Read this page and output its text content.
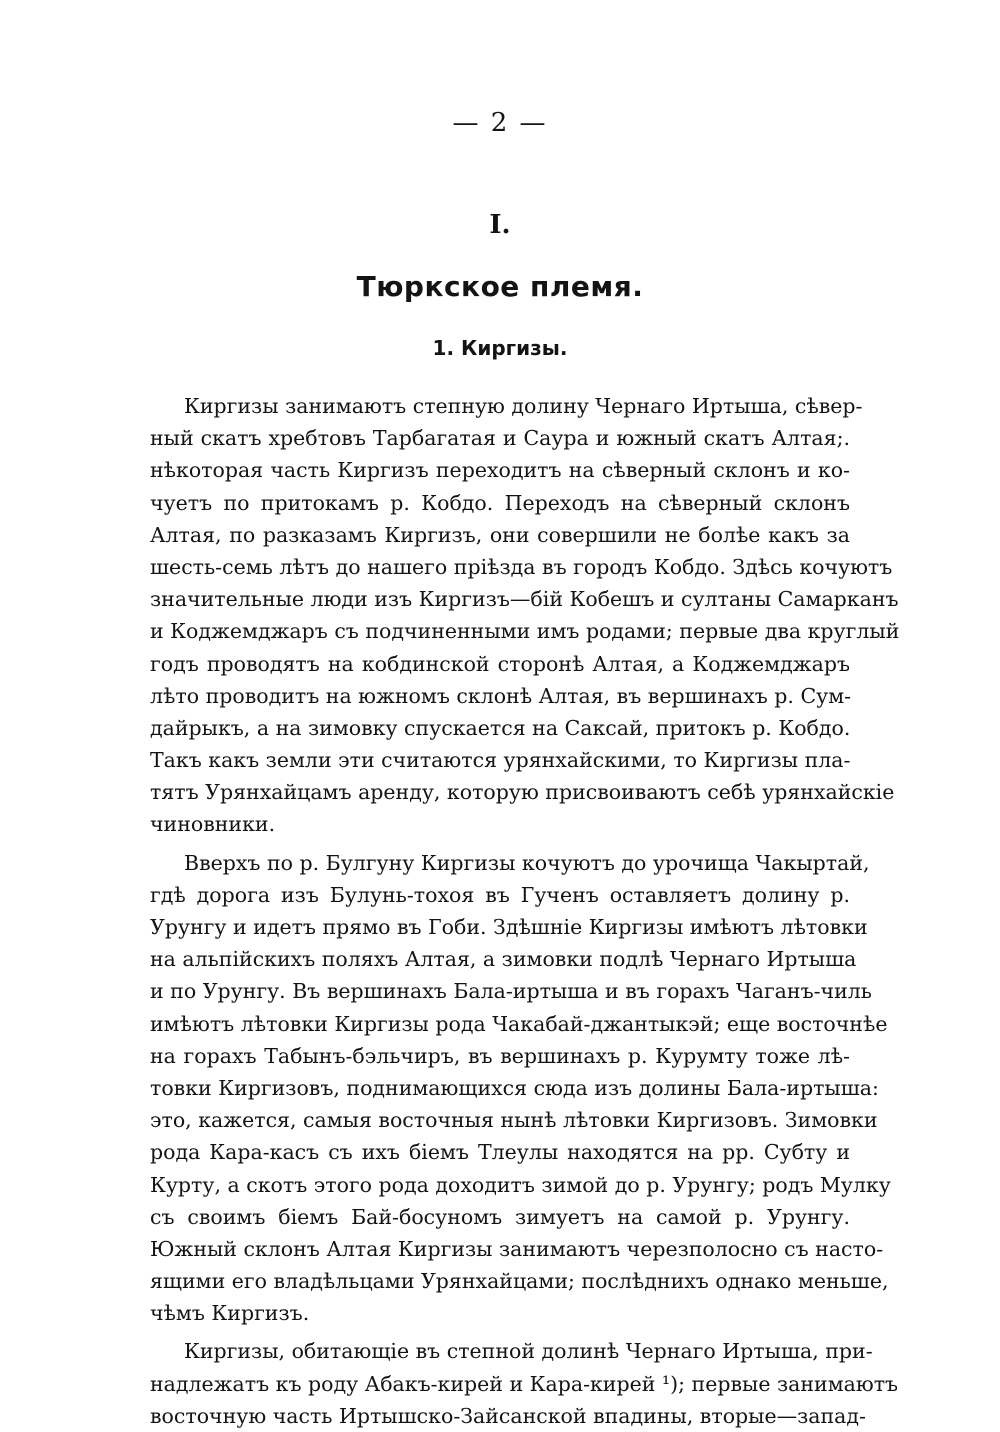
— 2 —
I.
Тюркское племя.
1. Киргизы.
Киргизы занимаютъ степную долину Чернаго Иртыша, сѣвер-
ный скатъ хребтовъ Тарбагатая и Саура и южный скатъ Алтая;.
нѣкоторая часть Киргизъ переходитъ на сѣверный склонъ и ко-
чуетъ по притокамъ р. Кобдо. Переходъ на сѣверный склонъ
Алтая, по разказамъ Киргизъ, они совершили не болѣе какъ за
шесть-семь лѣтъ до нашего пріѣзда въ городъ Кобдо. Здѣсь кочуютъ
значительные люди изъ Киргизъ—бій Кобешъ и султаны Самарканъ
и Коджемджаръ съ подчиненными имъ родами; первые два круглый
годъ проводятъ на кобдинской сторонѣ Алтая, а Коджемджаръ
лѣто проводитъ на южномъ склонѣ Алтая, въ вершинахъ р. Сум-
дайрыкъ, а на зимовку спускается на Саксай, притокъ р. Кобдо.
Такъ какъ земли эти считаются урянхайскими, то Киргизы пла-
тятъ Урянхайцамъ аренду, которую присвоиваютъ себѣ урянхайскіе
чиновники.
Вверхъ по р. Булгуну Киргизы кочуютъ до урочища Чакыртай,
гдѣ дорога изъ Булунь-тохоя въ Гученъ оставляетъ долину р.
Урунгу и идетъ прямо въ Гоби. Здѣшніе Киргизы имѣютъ лѣтовки
на альпійскихъ поляхъ Алтая, а зимовки подлѣ Чернаго Иртыша
и по Урунгу. Въ вершинахъ Бала-иртыша и въ горахъ Чаганъ-чиль
имѣютъ лѣтовки Киргизы рода Чакабай-джантыкэй; еще восточнѣе
на горахъ Табынъ-бэльчиръ, въ вершинахъ р. Курумту тоже лѣ-
товки Киргизовъ, поднимающихся сюда изъ долины Бала-иртыша:
это, кажется, самыя восточныя нынѣ лѣтовки Киргизовъ. Зимовки
рода Кара-касъ съ ихъ біемъ Тлеулы находятся на рр. Субту и
Курту, а скотъ этого рода доходитъ зимой до р. Урунгу; родъ Мулку
съ своимъ біемъ Бай-босуномъ зимуетъ на самой р. Урунгу.
Южный склонъ Алтая Киргизы занимаютъ черезполосно съ насто-
ящими его владѣльцами Урянхайцами; послѣднихъ однако меньше,
чѣмъ Киргизъ.
Киргизы, обитающіе въ степной долинѣ Чернаго Иртыша, при-
надлежатъ къ роду Абакъ-кирей и Кара-кирей ¹); первые занимаютъ
восточную часть Иртышско-Зайсанской впадины, вторые—запад-
